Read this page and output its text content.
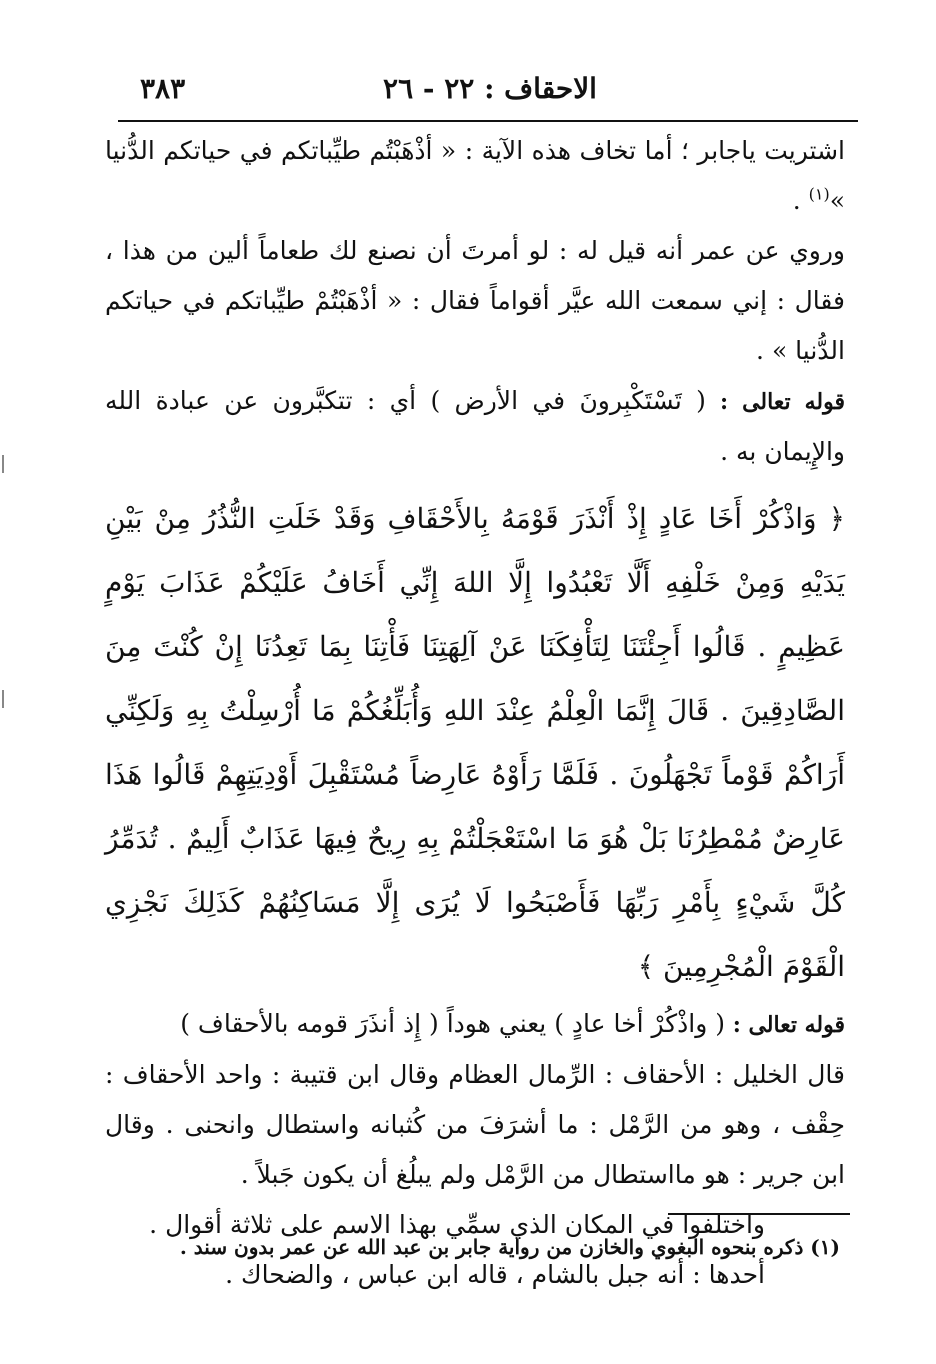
الاحقاف : ٢٢ - ٢٦
٣٨٣

اشتريت ياجابر ؛ أما تخاف هذه الآية : « أذْهَبْتُم طيِّباتكم في حياتكم الدُّنيا »$^{(١)}$ .

وروي عن عمر أنه قيل له : لو أمرتَ أن نصنع لك طعاماً ألين من هذا ، فقال : إني سمعت الله عيَّر أقواماً فقال : « أذْهَبْتُمْ طيِّباتكم في حياتكم الدُّنيا » .

قوله تعالى : ( تَسْتَكْبِرونَ في الأرض ) أي : تتكبَّرون عن عبادة الله والإِيمان به .

﴿ وَاذْكُرْ أَخَا عَادٍ إِذْ أَنْذَرَ قَوْمَهُ بِالأَحْقَافِ وَقَدْ خَلَتِ النُّذُرُ مِنْ بَيْنِ يَدَيْهِ وَمِنْ خَلْفِهِ أَلَّا تَعْبُدُوا إِلَّا اللهَ إِنِّي أَخَافُ عَلَيْكُمْ عَذَابَ يَوْمٍ عَظِيمٍ . قَالُوا أَجِئْتَنَا لِتَأْفِكَنَا عَنْ آلِهَتِنَا فَأْتِنَا بِمَا تَعِدُنَا إِنْ كُنْتَ مِنَ الصَّادِقِينَ . قَالَ إِنَّمَا الْعِلْمُ عِنْدَ اللهِ وَأُبَلِّغُكُمْ مَا أُرْسِلْتُ بِهِ وَلَكِنِّي أَرَاكُمْ قَوْماً تَجْهَلُونَ . فَلَمَّا رَأَوْهُ عَارِضاً مُسْتَقْبِلَ أَوْدِيَتِهِمْ قَالُوا هَذَا عَارِضٌ مُمْطِرُنَا بَلْ هُوَ مَا اسْتَعْجَلْتُمْ بِهِ رِيحٌ فِيهَا عَذَابٌ أَلِيمٌ . تُدَمِّرُ كُلَّ شَيْءٍ بِأَمْرِ رَبِّهَا فَأَصْبَحُوا لَا يُرَى إِلَّا مَسَاكِنُهُمْ كَذَلِكَ نَجْزِي الْقَوْمَ الْمُجْرِمِينَ ﴾

قوله تعالى : ( واذْكُرْ أخا عادٍ ) يعني هوداً ( إِذ أنذَرَ قومه بالأحقاف )

قال الخليل : الأحقاف : الرِّمال العظام وقال ابن قتيبة : واحد الأحقاف : حِقْف ، وهو من الرَّمْل : ما أشرَفَ من كُثبانه واستطال وانحنى . وقال ابن جرير : هو مااستطال من الرَّمْل ولم يبلُغ أن يكون جَبلاً .

واختلفوا في المكان الذي سمِّي بهذا الاسم على ثلاثة أقوال .

أحدها : أنه جبل بالشام ، قاله ابن عباس ، والضحاك .

(١) ذكره بنحوه البغوي والخازن من رواية جابر بن عبد الله عن عمر بدون سند .
